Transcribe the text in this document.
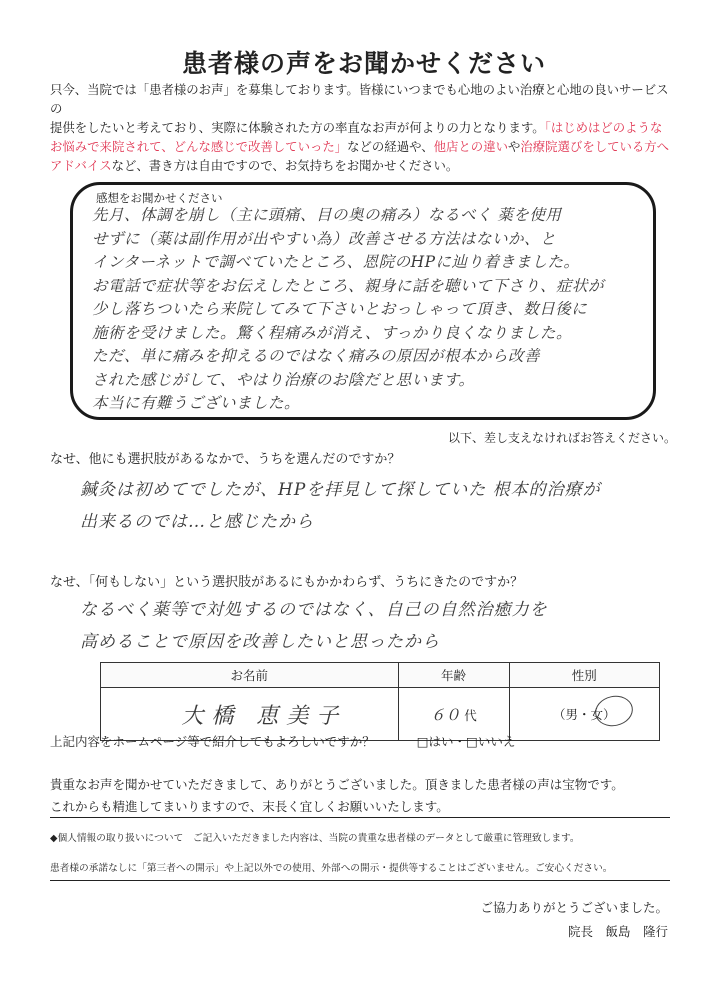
患者様の声をお聞かせください
只今、当院では「患者様のお声」を募集しております。皆様にいつまでも心地のよい治療と心地の良いサービスの
提供をしたいと考えており、実際に体験された方の率直なお声が何よりの力となります。「はじめはどのような
お悩みで来院されて、どんな感じで改善していった」などの経過や、他店との違いや治療院選びをしている方へ
アドバイスなど、書き方は自由ですので、お気持ちをお聞かせください。
感想をお聞かせください
先月、体調を崩し（主に頭痛、目の奥の痛み）なるべく 薬を使用
せずに（薬は副作用が出やすい為）改善させる方法はないか、と
インターネットで調べていたところ、恩院のHPに辿り着きました。
お電話で症状等をお伝えしたところ、親身に話を聴いて下さり、症状が
少し落ちついたら来院してみて下さいとおっしゃって頂き、数日後に
施術を受けました。驚く程痛みが消え、すっかり良くなりました。
ただ、単に痛みを抑えるのではなく痛みの原因が根本から改善
された感じがして、やはり治療のお陰だと思います。
本当に有難うございました。
以下、差し支えなければお答えください。
なせ、他にも選択肢があるなかで、うちを選んだのですか？
鍼灸は初めてでしたが、HPを拝見して探していた 根本的治療が
出来るのでは…と感じたから
なせ、「何もしない」という選択肢があるにもかかわらず、うちにきたのですか？
なるべく薬等で対処するのではなく、自己の自然治癒力を
高めることで原因を改善したいと思ったから
お名前	年齢	性別
大橋 恵美子	６０ 代	（男・女）
上記内容をホームページ等で紹介してもよろしいですか？	□はい・□いいえ
貴重なお声を聞かせていただきまして、ありがとうございました。頂きました患者様の声は宝物です。
これからも精進してまいりますので、末長く宜しくお願いいたします。
◆個人情報の取り扱いについて　ご記入いただきました内容は、当院の貴重な患者様のデータとして厳重に管理致します。
患者様の承諾なしに「第三者への開示」や上記以外での使用、外部への開示・提供等することはございません。ご安心ください。
ご協力ありがとうございました。
院長　飯島　隆行
